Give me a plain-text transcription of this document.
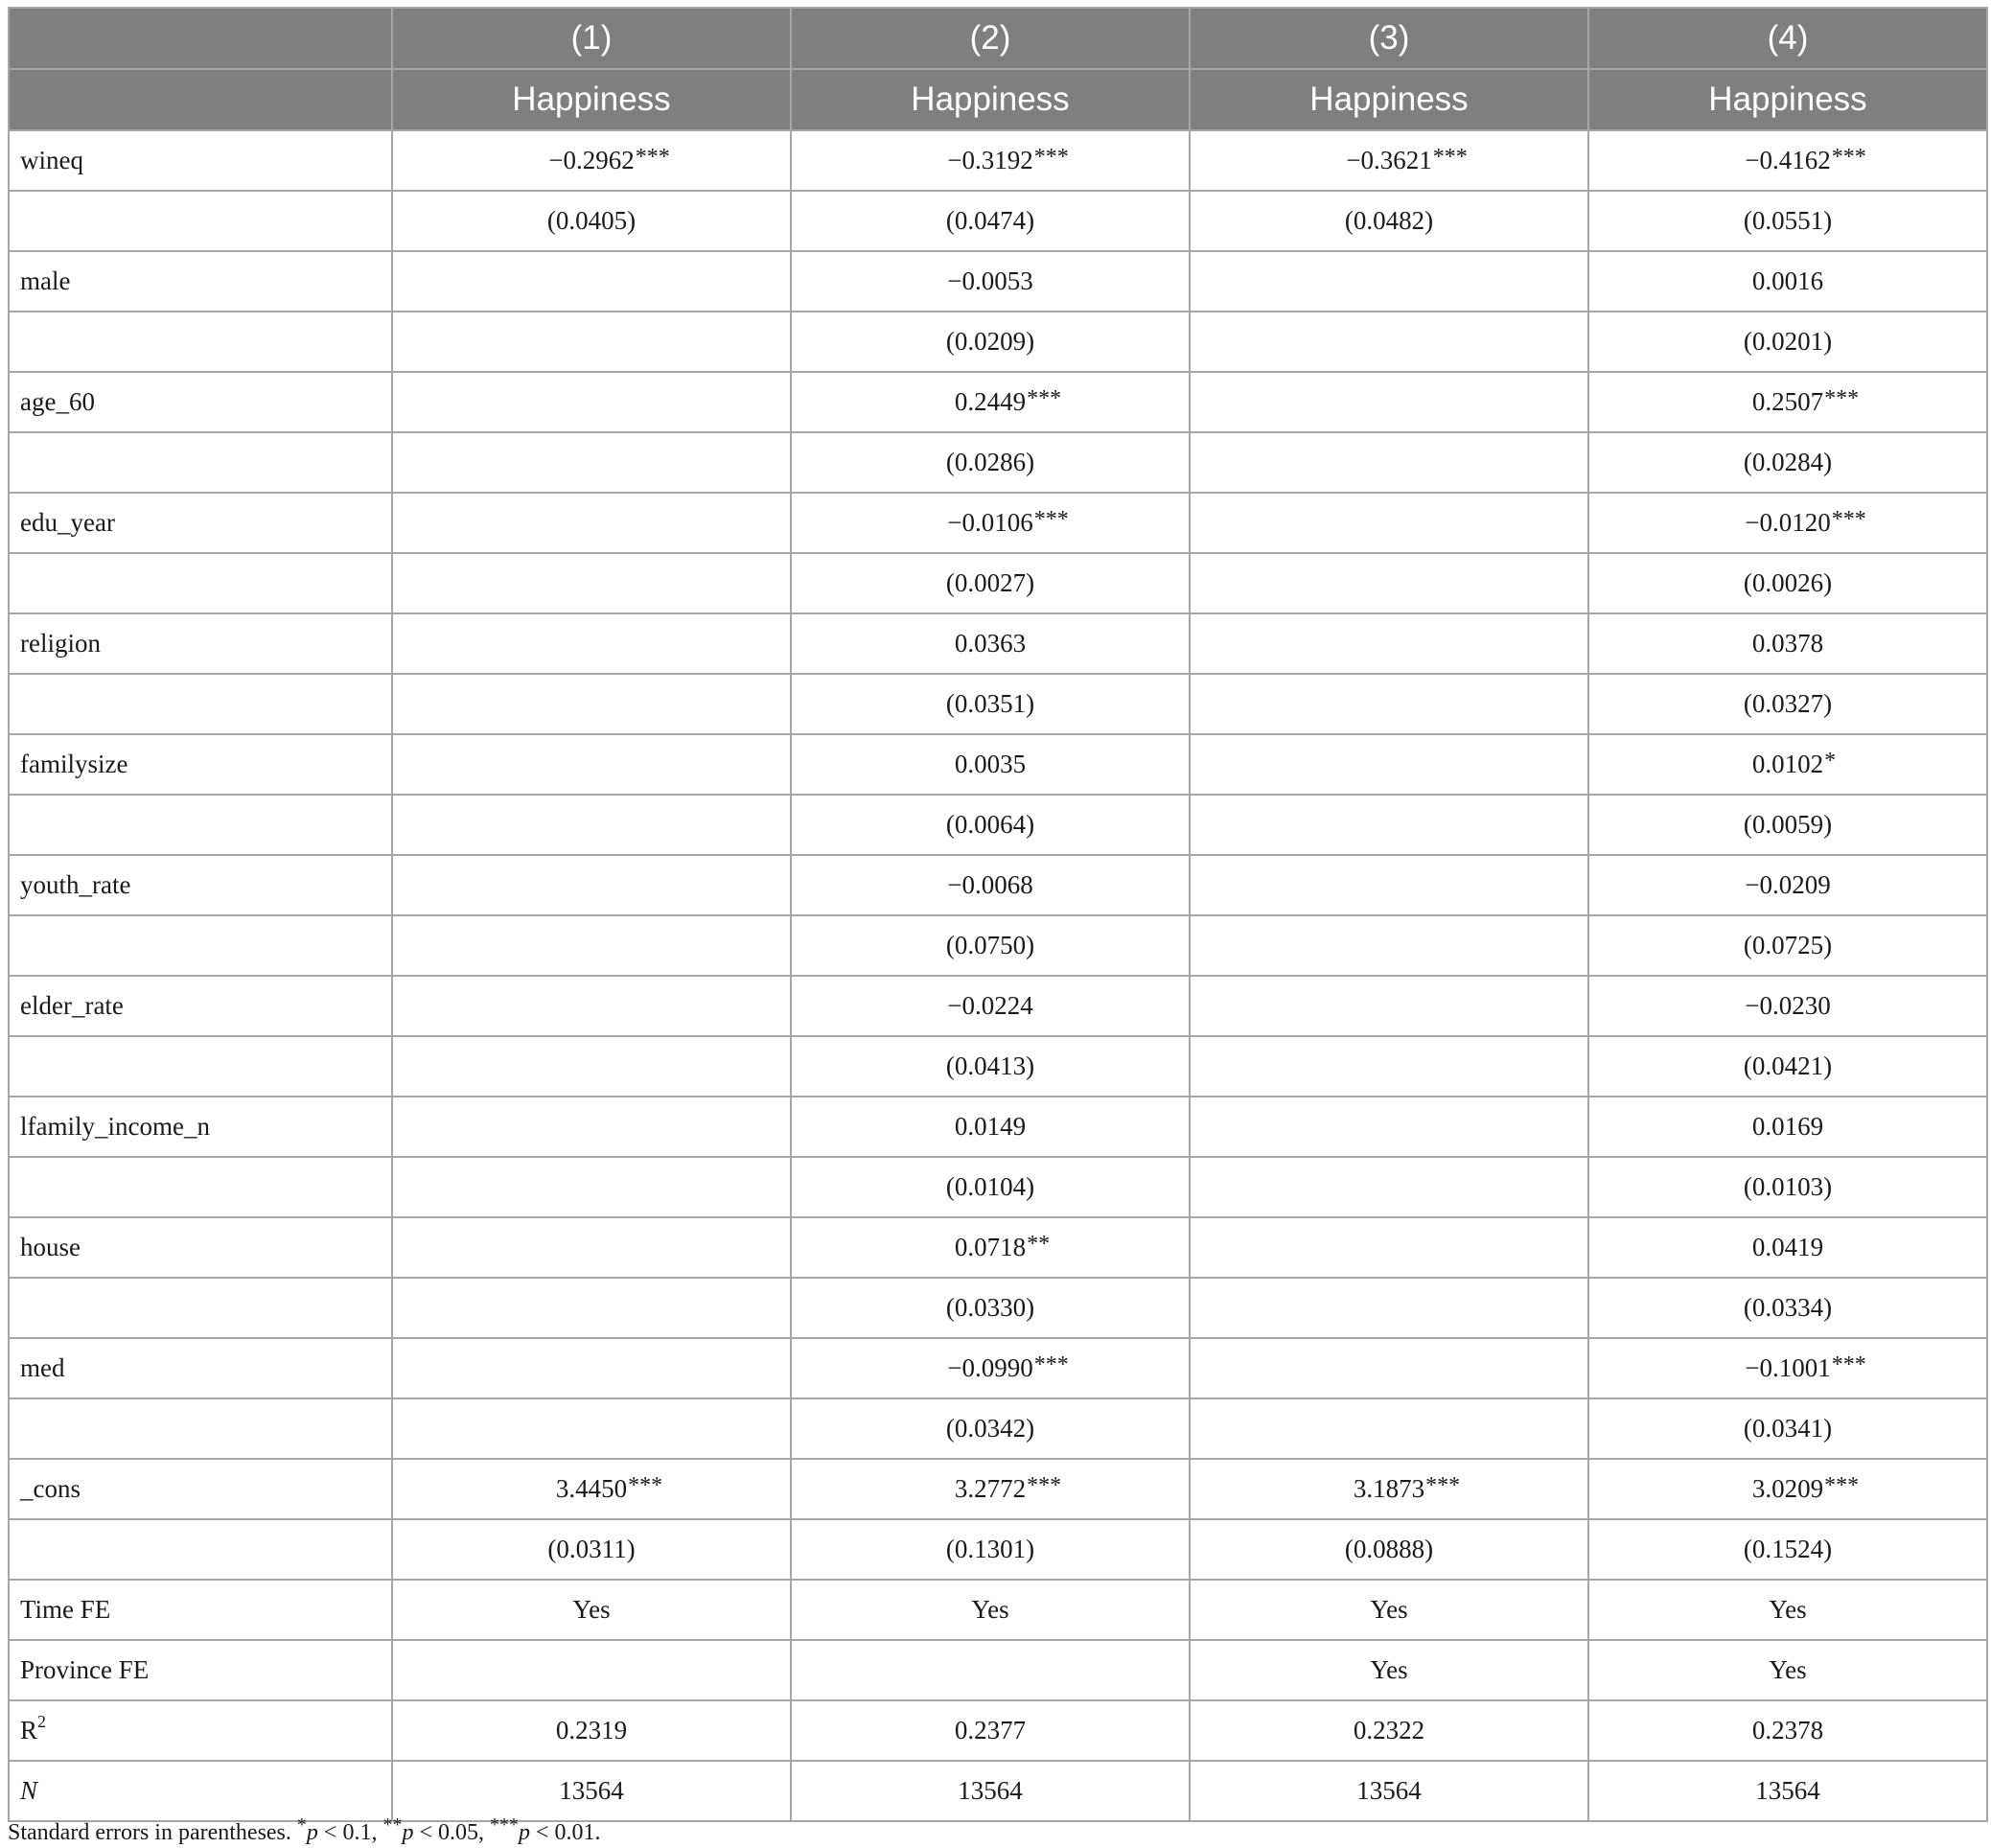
	(1)	(2)	(3)	(4)
	Happiness	Happiness	Happiness	Happiness
wineq	−0.2962 ***	−0.3192 ***	−0.3621 ***	−0.4162 ***

	(0.0405)	(0.0474)	(0.0482)	(0.0551)
male		−0.0053		0.0016
		(0.0209)		(0.0201)
age_60		0.2449 ***		0.2507 ***

		(0.0286)		(0.0284)
edu_year		−0.0106 ***		−0.0120 ***

		(0.0027)		(0.0026)
religion		0.0363		0.0378
		(0.0351)		(0.0327)
familysize		0.0035		0.0102 *

		(0.0064)		(0.0059)
youth_rate		−0.0068		−0.0209
		(0.0750)		(0.0725)
elder_rate		−0.0224		−0.0230
		(0.0413)		(0.0421)
lfamily_income_n		0.0149		0.0169
		(0.0104)		(0.0103)
house		0.0718 **		0.0419
		(0.0330)		(0.0334)
med		−0.0990 ***		−0.1001 ***

		(0.0342)		(0.0341)
_cons	3.4450 ***	3.2772 ***	3.1873 ***	3.0209 ***

	(0.0311)	(0.1301)	(0.0888)	(0.1524)
Time FE	Yes	Yes	Yes	Yes
Province FE			Yes	Yes
$R^2$	0.2319	0.2377	0.2322	0.2378
N	13564	13564	13564	13564
Standard errors in parentheses. *p < 0.1, **p < 0.05, ***p < 0.01.
